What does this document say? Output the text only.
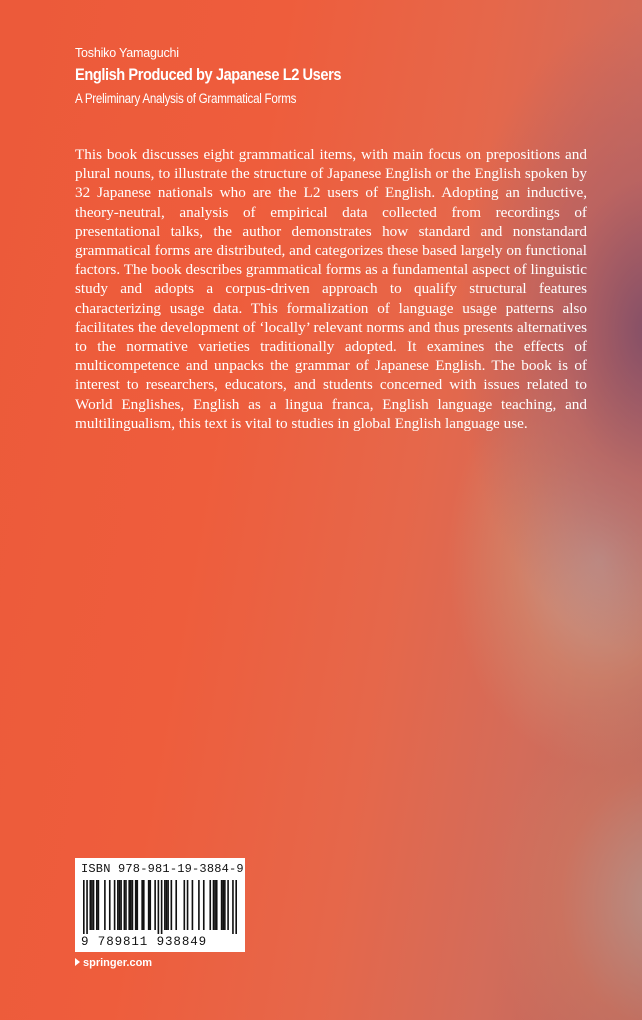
Toshiko Yamaguchi
English Produced by Japanese L2 Users
A Preliminary Analysis of Grammatical Forms

This book discusses eight grammatical items, with main focus on prepositions and plural nouns, to illustrate the structure of Japanese English or the English spoken by 32 Japanese nationals who are the L2 users of English. Adopting an inductive, theory-neutral, analysis of empirical data collected from recordings of presentational talks, the author demonstrates how standard and nonstandard grammatical forms are distributed, and categorizes these based largely on functional factors. The book describes grammatical forms as a fundamental aspect of linguistic study and adopts a corpus-driven approach to qualify structural features characterizing usage data. This formalization of language usage patterns also facilitates the development of ‘locally’ relevant norms and thus presents alternatives to the normative varieties traditionally adopted. It examines the effects of multicompetence and unpacks the grammar of Japanese English. The book is of interest to researchers, educators, and students concerned with issues related to World Englishes, English as a lingua franca, English language teaching, and multilingualism, this text is vital to studies in global English language use.

ISBN 978-981-19-3884-9
9 789811 938849
springer.com
